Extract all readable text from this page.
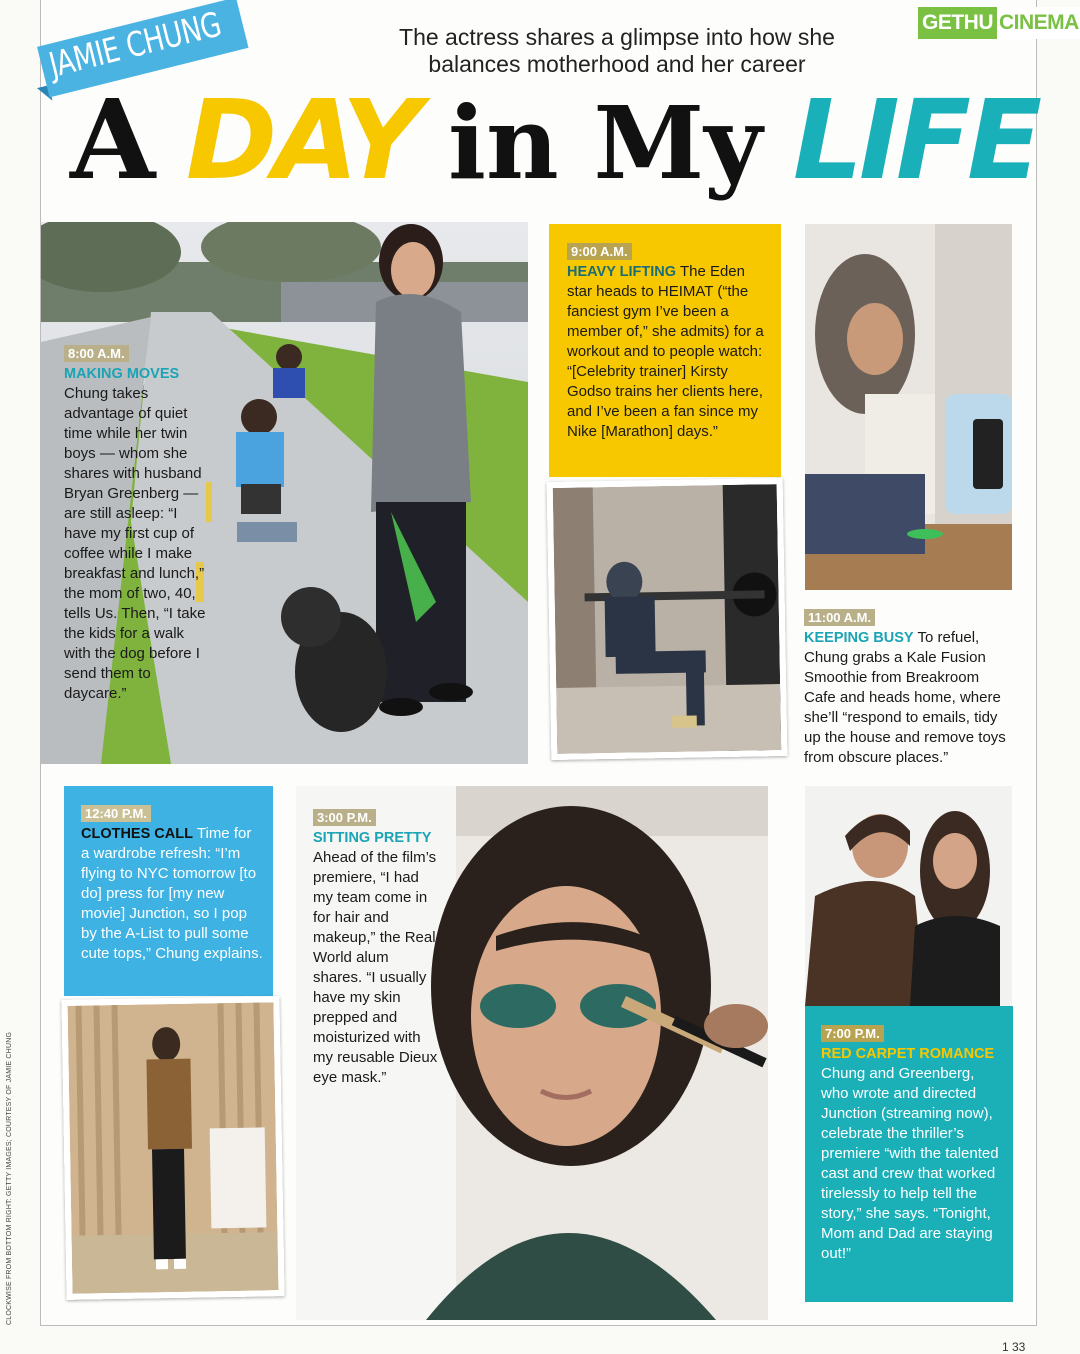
GETHU CINEMA
JAMIE CHUNG	The actress shares a glimpse into how she
balances motherhood and her career
A DAY in My LIFE
8:00 A.M.
MAKING MOVES Chung takes advantage of quiet time while her twin boys — whom she shares with husband Bryan Greenberg — are still asleep: “I have my first cup of coffee while I make breakfast and lunch,” the mom of two, 40, tells Us. Then, “I take the kids for a walk with the dog before I send them to daycare.”
9:00 A.M.
HEAVY LIFTING The Eden star heads to HEIMAT (“the fanciest gym I’ve been a member of,” she admits) for a workout and to people watch: “[Celebrity trainer] Kirsty Godso trains her clients here, and I’ve been a fan since my Nike [Marathon] days.”
11:00 A.M.
KEEPING BUSY To refuel, Chung grabs a Kale Fusion Smoothie from Breakroom Cafe and heads home, where she’ll “respond to emails, tidy up the house and remove toys from obscure places.”
12:40 P.M.
CLOTHES CALL Time for a wardrobe refresh: “I’m flying to NYC tomorrow [to do] press for [my new movie] Junction, so I pop by the A-List to pull some cute tops,” Chung explains.
3:00 P.M.
SITTING PRETTY Ahead of the film’s premiere, “I had my team come in for hair and makeup,” the Real World alum shares. “I usually have my skin prepped and moisturized with my reusable Dieux eye mask.”
7:00 P.M.
RED CARPET ROMANCE Chung and Greenberg, who wrote and directed Junction (streaming now), celebrate the thriller’s premiere “with the talented cast and crew that worked tirelessly to help tell the story,” she says. “Tonight, Mom and Dad are staying out!”
CLOCKWISE FROM BOTTOM RIGHT: GETTY IMAGES; COURTESY OF JAMIE CHUNG
1 33
